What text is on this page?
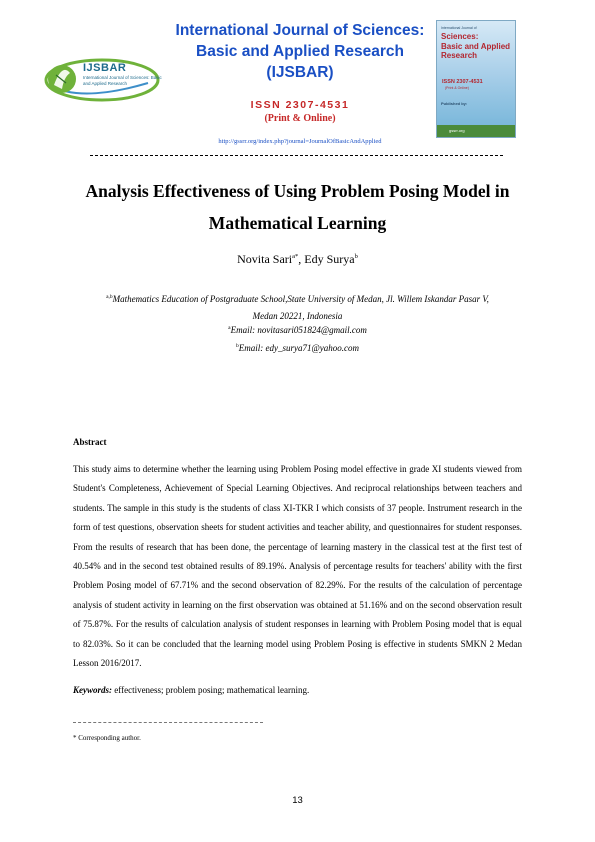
International Journal of Sciences:
Basic and Applied Research
(IJSBAR)
ISSN 2307-4531
(Print & Online)
http://gssrr.org/index.php?journal=JournalOfBasicAndApplied
IJSBAR
International Journal of Sciences: Basic and Applied Research
International Journal of
Sciences:
Basic and Applied
Research
ISSN 2307-4531
(Print & Online)
Published by:
gssrr.org
Analysis Effectiveness of Using Problem Posing Model in
Mathematical Learning
Novita Sari$^{a*}$, Edy Surya$^b$
$^{a,b}$Mathematics Education of Postgraduate School,State University of Medan, Jl. Willem Iskandar Pasar V,
Medan 20221, Indonesia
$^a$Email: novitasari051824@gmail.com
$^b$Email: edy_surya71@yahoo.com
Abstract
This study aims to determine whether the learning using Problem Posing model effective in grade XI students viewed from Student's Completeness, Achievement of Special Learning Objectives. And reciprocal relationships between teachers and students. The sample in this study is the students of class XI-TKR I which consists of 37 people. Instrument research in the form of test questions, observation sheets for student activities and teacher ability, and questionnaires for student responses. From the results of research that has been done, the percentage of learning mastery in the classical test at the first test of 40.54% and in the second test obtained results of 89.19%. Analysis of percentage results for teachers' ability with the first Problem Posing model of 67.71% and the second observation of 82.29%. For the results of the calculation of percentage analysis of student activity in learning on the first observation was obtained at 51.16% and on the second observation result of 75.87%. For the results of calculation analysis of student responses in learning with Problem Posing model that is equal to 82.03%. So it can be concluded that the learning model using Problem Posing is effective in students SMKN 2 Medan Lesson 2016/2017.
Keywords: effectiveness; problem posing; mathematical learning.
* Corresponding author.
13
